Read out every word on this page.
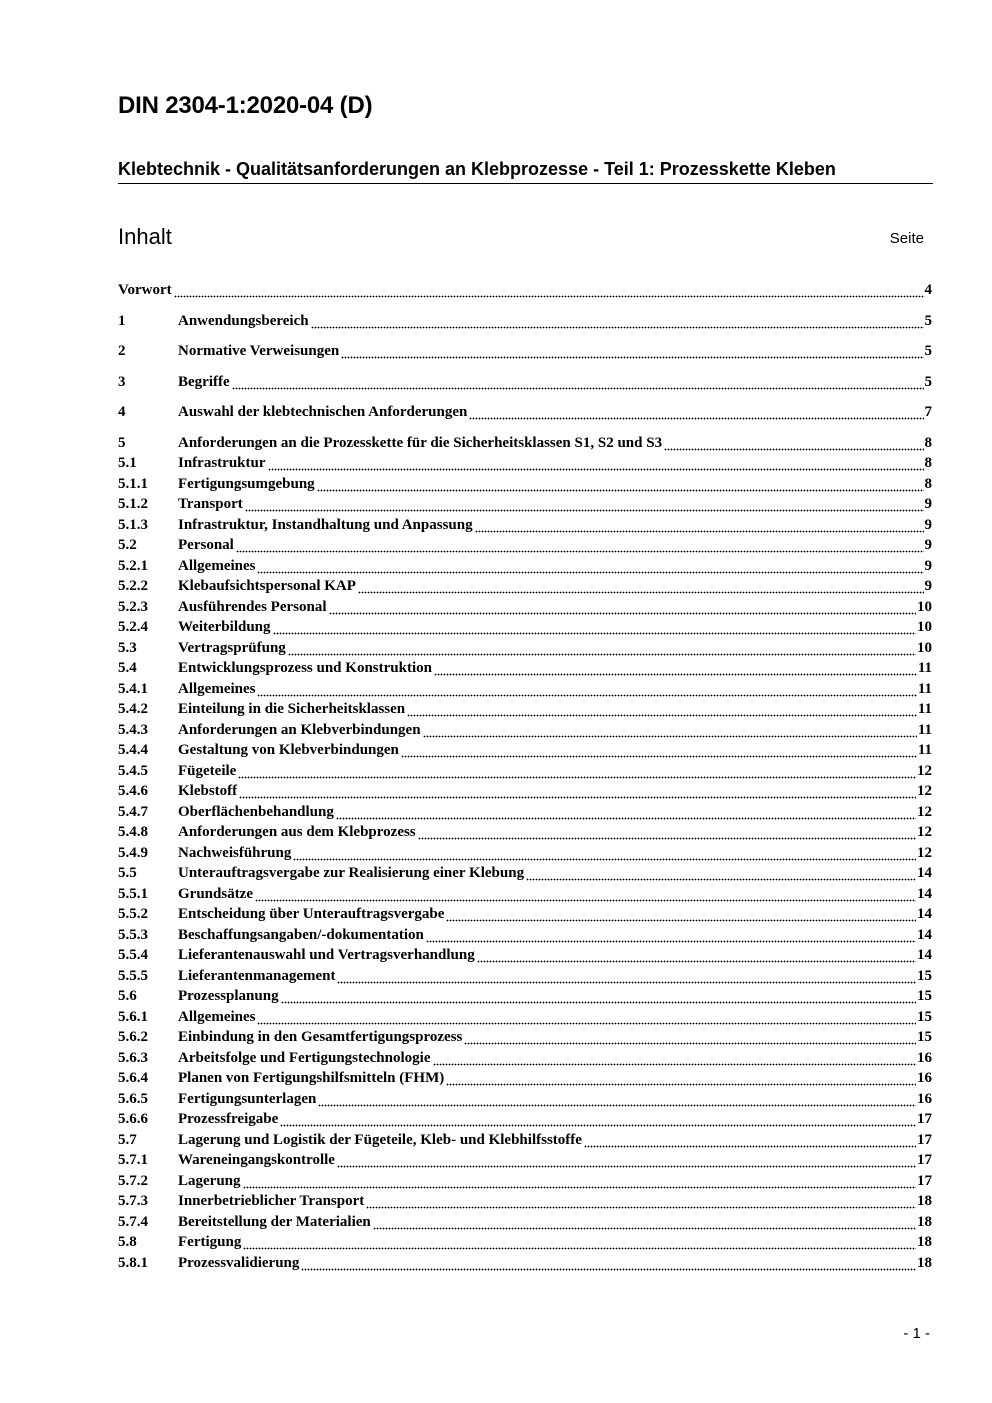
DIN 2304-1:2020-04 (D)
Klebtechnik - Qualitätsanforderungen an Klebprozesse - Teil 1: Prozesskette Kleben
Inhalt	Seite
Vorwort	4
1	Anwendungsbereich	5
2	Normative Verweisungen	5
3	Begriffe	5
4	Auswahl der klebtechnischen Anforderungen	7
5	Anforderungen an die Prozesskette für die Sicherheitsklassen S1, S2 und S3	8
5.1	Infrastruktur	8
5.1.1	Fertigungsumgebung	8
5.1.2	Transport	9
5.1.3	Infrastruktur, Instandhaltung und Anpassung	9
5.2	Personal	9
5.2.1	Allgemeines	9
5.2.2	Klebaufsichtspersonal KAP	9
5.2.3	Ausführendes Personal	10
5.2.4	Weiterbildung	10
5.3	Vertragsprüfung	10
5.4	Entwicklungsprozess und Konstruktion	11
5.4.1	Allgemeines	11
5.4.2	Einteilung in die Sicherheitsklassen	11
5.4.3	Anforderungen an Klebverbindungen	11
5.4.4	Gestaltung von Klebverbindungen	11
5.4.5	Fügeteile	12
5.4.6	Klebstoff	12
5.4.7	Oberflächenbehandlung	12
5.4.8	Anforderungen aus dem Klebprozess	12
5.4.9	Nachweisführung	12
5.5	Unterauftragsvergabe zur Realisierung einer Klebung	14
5.5.1	Grundsätze	14
5.5.2	Entscheidung über Unterauftragsvergabe	14
5.5.3	Beschaffungsangaben/-dokumentation	14
5.5.4	Lieferantenauswahl und Vertragsverhandlung	14
5.5.5	Lieferantenmanagement	15
5.6	Prozessplanung	15
5.6.1	Allgemeines	15
5.6.2	Einbindung in den Gesamtfertigungsprozess	15
5.6.3	Arbeitsfolge und Fertigungstechnologie	16
5.6.4	Planen von Fertigungshilfsmitteln (FHM)	16
5.6.5	Fertigungsunterlagen	16
5.6.6	Prozessfreigabe	17
5.7	Lagerung und Logistik der Fügeteile, Kleb- und Klebhilfsstoffe	17
5.7.1	Wareneingangskontrolle	17
5.7.2	Lagerung	17
5.7.3	Innerbetrieblicher Transport	18
5.7.4	Bereitstellung der Materialien	18
5.8	Fertigung	18
5.8.1	Prozessvalidierung	18
- 1 -
